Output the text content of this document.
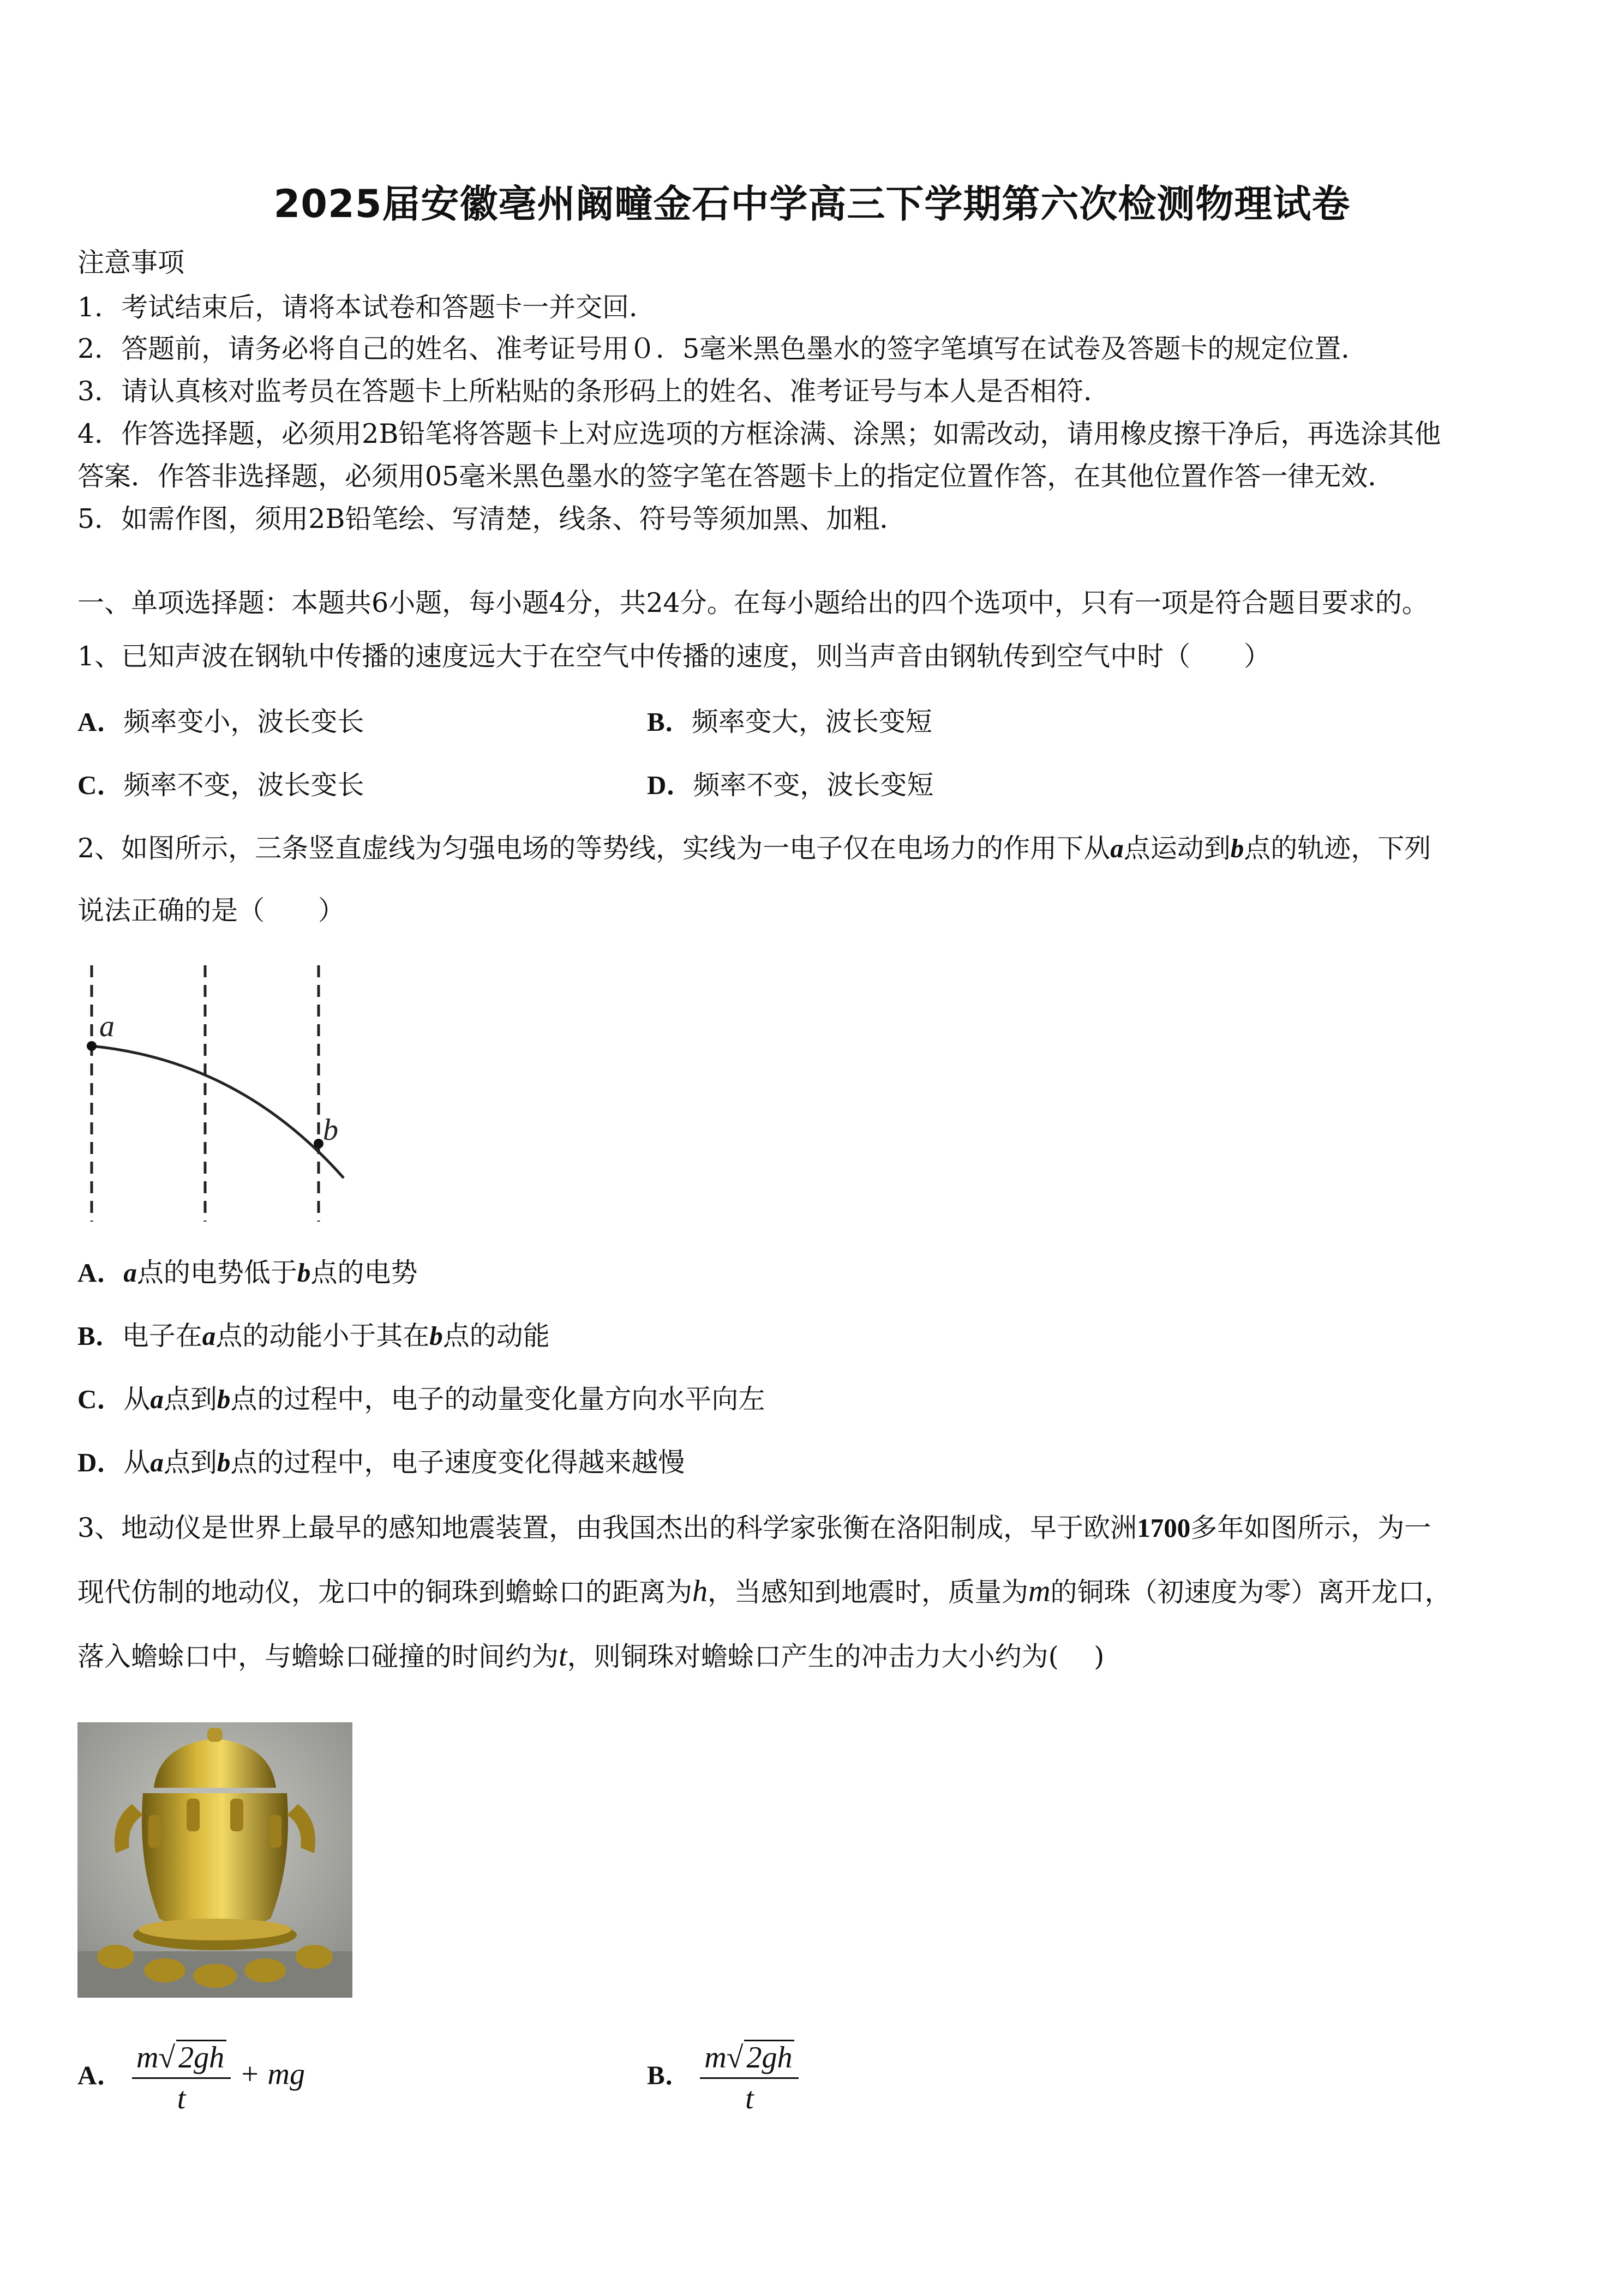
2025届安徽亳州阚疃金石中学高三下学期第六次检测物理试卷
注意事项
1．考试结束后，请将本试卷和答题卡一并交回．
2．答题前，请务必将自己的姓名、准考证号用０．5毫米黑色墨水的签字笔填写在试卷及答题卡的规定位置．
3．请认真核对监考员在答题卡上所粘贴的条形码上的姓名、准考证号与本人是否相符．
4．作答选择题，必须用2B铅笔将答题卡上对应选项的方框涂满、涂黑；如需改动，请用橡皮擦干净后，再选涂其他
答案．作答非选择题，必须用05毫米黑色墨水的签字笔在答题卡上的指定位置作答，在其他位置作答一律无效．
5．如需作图，须用2B铅笔绘、写清楚，线条、符号等须加黑、加粗．
一、单项选择题：本题共6小题，每小题4分，共24分。在每小题给出的四个选项中，只有一项是符合题目要求的。
1、已知声波在钢轨中传播的速度远大于在空气中传播的速度，则当声音由钢轨传到空气中时（　　）
A．频率变小，波长变长	B．频率变大，波长变短
C．频率不变，波长变长	D．频率不变，波长变短
2、如图所示，三条竖直虚线为匀强电场的等势线，实线为一电子仅在电场力的作用下从a点运动到b点的轨迹，下列
说法正确的是（　　）
a
b
A．a点的电势低于b点的电势
B．电子在a点的动能小于其在b点的动能
C．从a点到b点的过程中，电子的动量变化量方向水平向左
D．从a点到b点的过程中，电子速度变化得越来越慢
3、地动仪是世界上最早的感知地震装置，由我国杰出的科学家张衡在洛阳制成，早于欧洲1700多年如图所示，为一
现代仿制的地动仪，龙口中的铜珠到蟾蜍口的距离为h，当感知到地震时，质量为m的铜珠（初速度为零）离开龙口，
落入蟾蜍口中，与蟾蜍口碰撞的时间约为t，则铜珠对蟾蜍口产生的冲击力大小约为(　 )
A． $\frac{m√ 2gh}{t}$ + mg	B． $\frac{m√ 2gh}{t}$
